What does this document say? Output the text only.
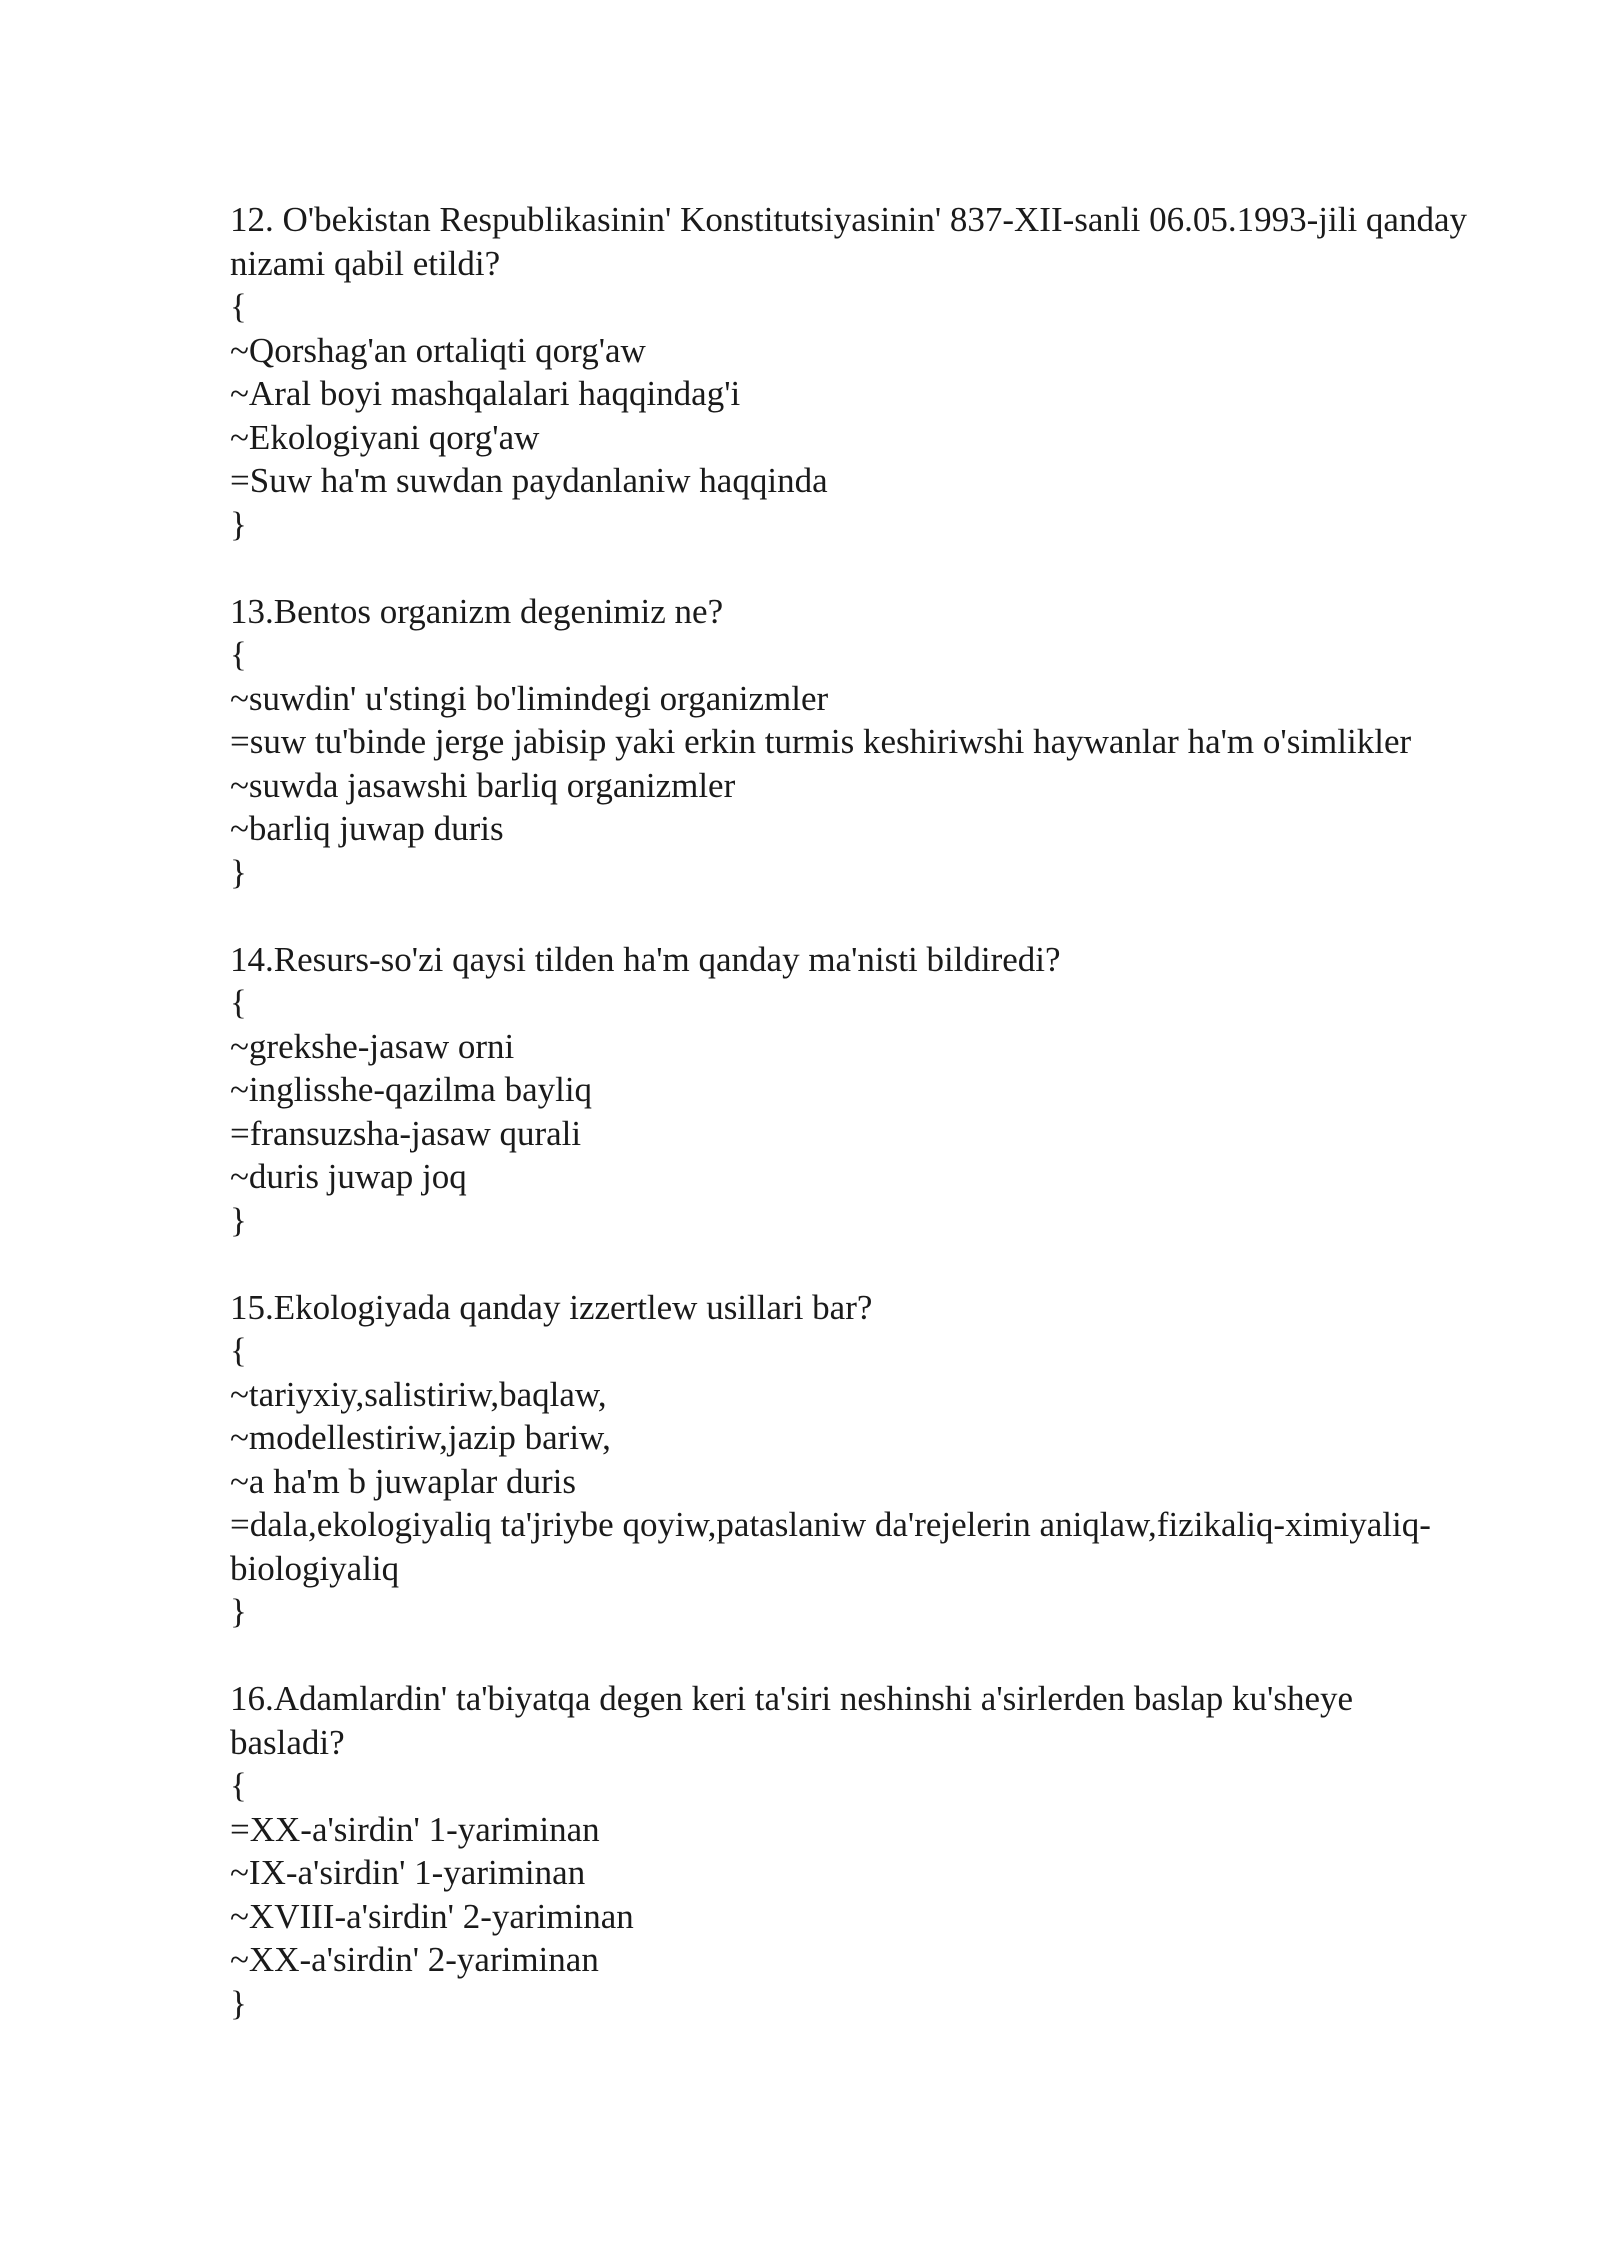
12. O'bekistan Respublikasinin' Konstitutsiyasinin' 837-XII-sanli 06.05.1993-jili qanday nizami qabil etildi?

{

~Qorshag'an ortaliqti qorg'aw

~Aral boyi mashqalalari haqqindag'i

~Ekologiyani qorg'aw

=Suw ha'm suwdan paydanlaniw haqqinda

}

13.Bentos organizm degenimiz ne?

{

~suwdin' u'stingi bo'limindegi organizmler

=suw tu'binde jerge jabisip yaki erkin turmis keshiriwshi haywanlar ha'm o'simlikler

~suwda jasawshi barliq organizmler

~barliq juwap duris

}

14.Resurs-so'zi qaysi tilden ha'm qanday ma'nisti bildiredi?

{

~grekshe-jasaw orni

~inglisshe-qazilma bayliq

=fransuzsha-jasaw qurali

~duris juwap joq

}

15.Ekologiyada qanday izzertlew usillari bar?

{

~tariyxiy,salistiriw,baqlaw,

~modellestiriw,jazip bariw,

~a ha'm b juwaplar duris

=dala,ekologiyaliq ta'jriybe qoyiw,pataslaniw da'rejelerin aniqlaw,fizikaliq-ximiyaliq-biologiyaliq

}

16.Adamlardin' ta'biyatqa degen keri ta'siri neshinshi a'sirlerden baslap ku'sheye basladi?

{

=XX-a'sirdin' 1-yariminan

~IX-a'sirdin' 1-yariminan

~XVIII-a'sirdin' 2-yariminan

~XX-a'sirdin' 2-yariminan

}
